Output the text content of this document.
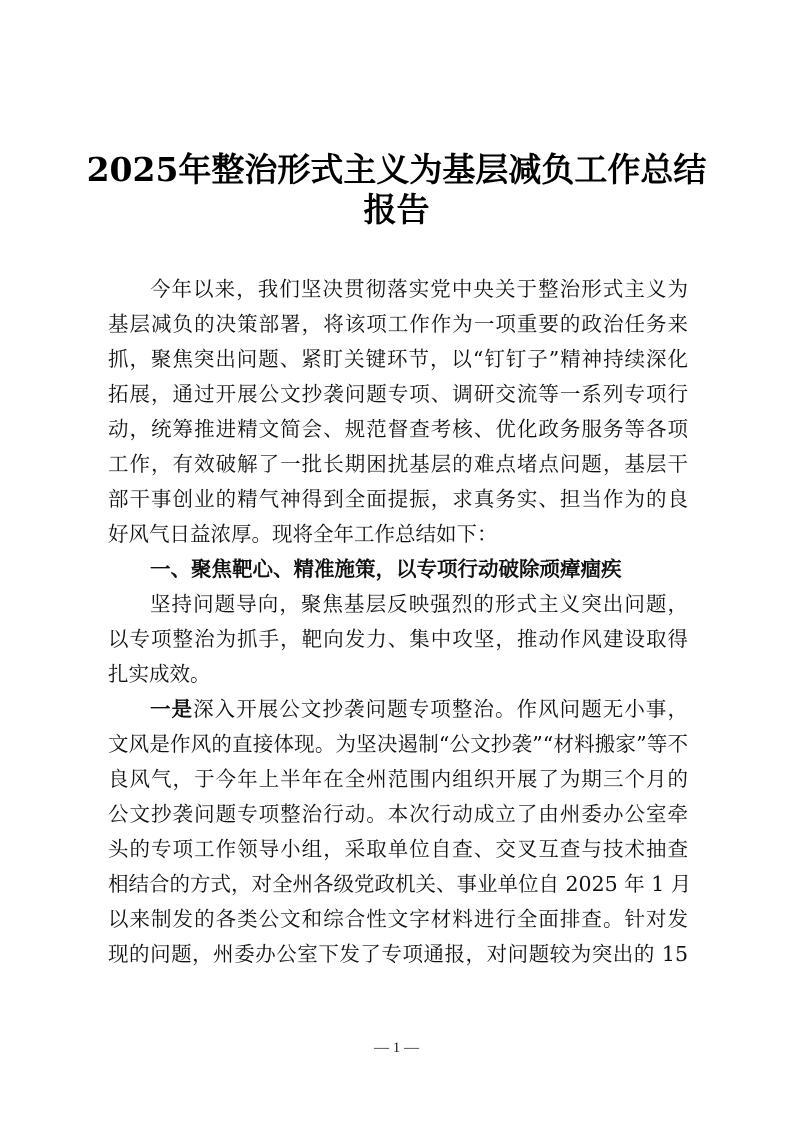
2025年整治形式主义为基层减负工作总结
报告
今年以来，我们坚决贯彻落实党中央关于整治形式主义为
基层减负的决策部署，将该项工作作为一项重要的政治任务来
抓，聚焦突出问题、紧盯关键环节，以“钉钉子”精神持续深化
拓展，通过开展公文抄袭问题专项、调研交流等一系列专项行
动，统筹推进精文简会、规范督查考核、优化政务服务等各项
工作，有效破解了一批长期困扰基层的难点堵点问题，基层干
部干事创业的精气神得到全面提振，求真务实、担当作为的良
好风气日益浓厚。现将全年工作总结如下：
一、聚焦靶心、精准施策，以专项行动破除顽瘴痼疾
坚持问题导向，聚焦基层反映强烈的形式主义突出问题，
以专项整治为抓手，靶向发力、集中攻坚，推动作风建设取得
扎实成效。
一是深入开展公文抄袭问题专项整治。作风问题无小事，
文风是作风的直接体现。为坚决遏制“公文抄袭”“材料搬家”等不
良风气，于今年上半年在全州范围内组织开展了为期三个月的
公文抄袭问题专项整治行动。本次行动成立了由州委办公室牵
头的专项工作领导小组，采取单位自查、交叉互查与技术抽查
相结合的方式，对全州各级党政机关、事业单位自 2025 年 1 月
以来制发的各类公文和综合性文字材料进行全面排查。针对发
现的问题，州委办公室下发了专项通报，对问题较为突出的 15
— 1 —
